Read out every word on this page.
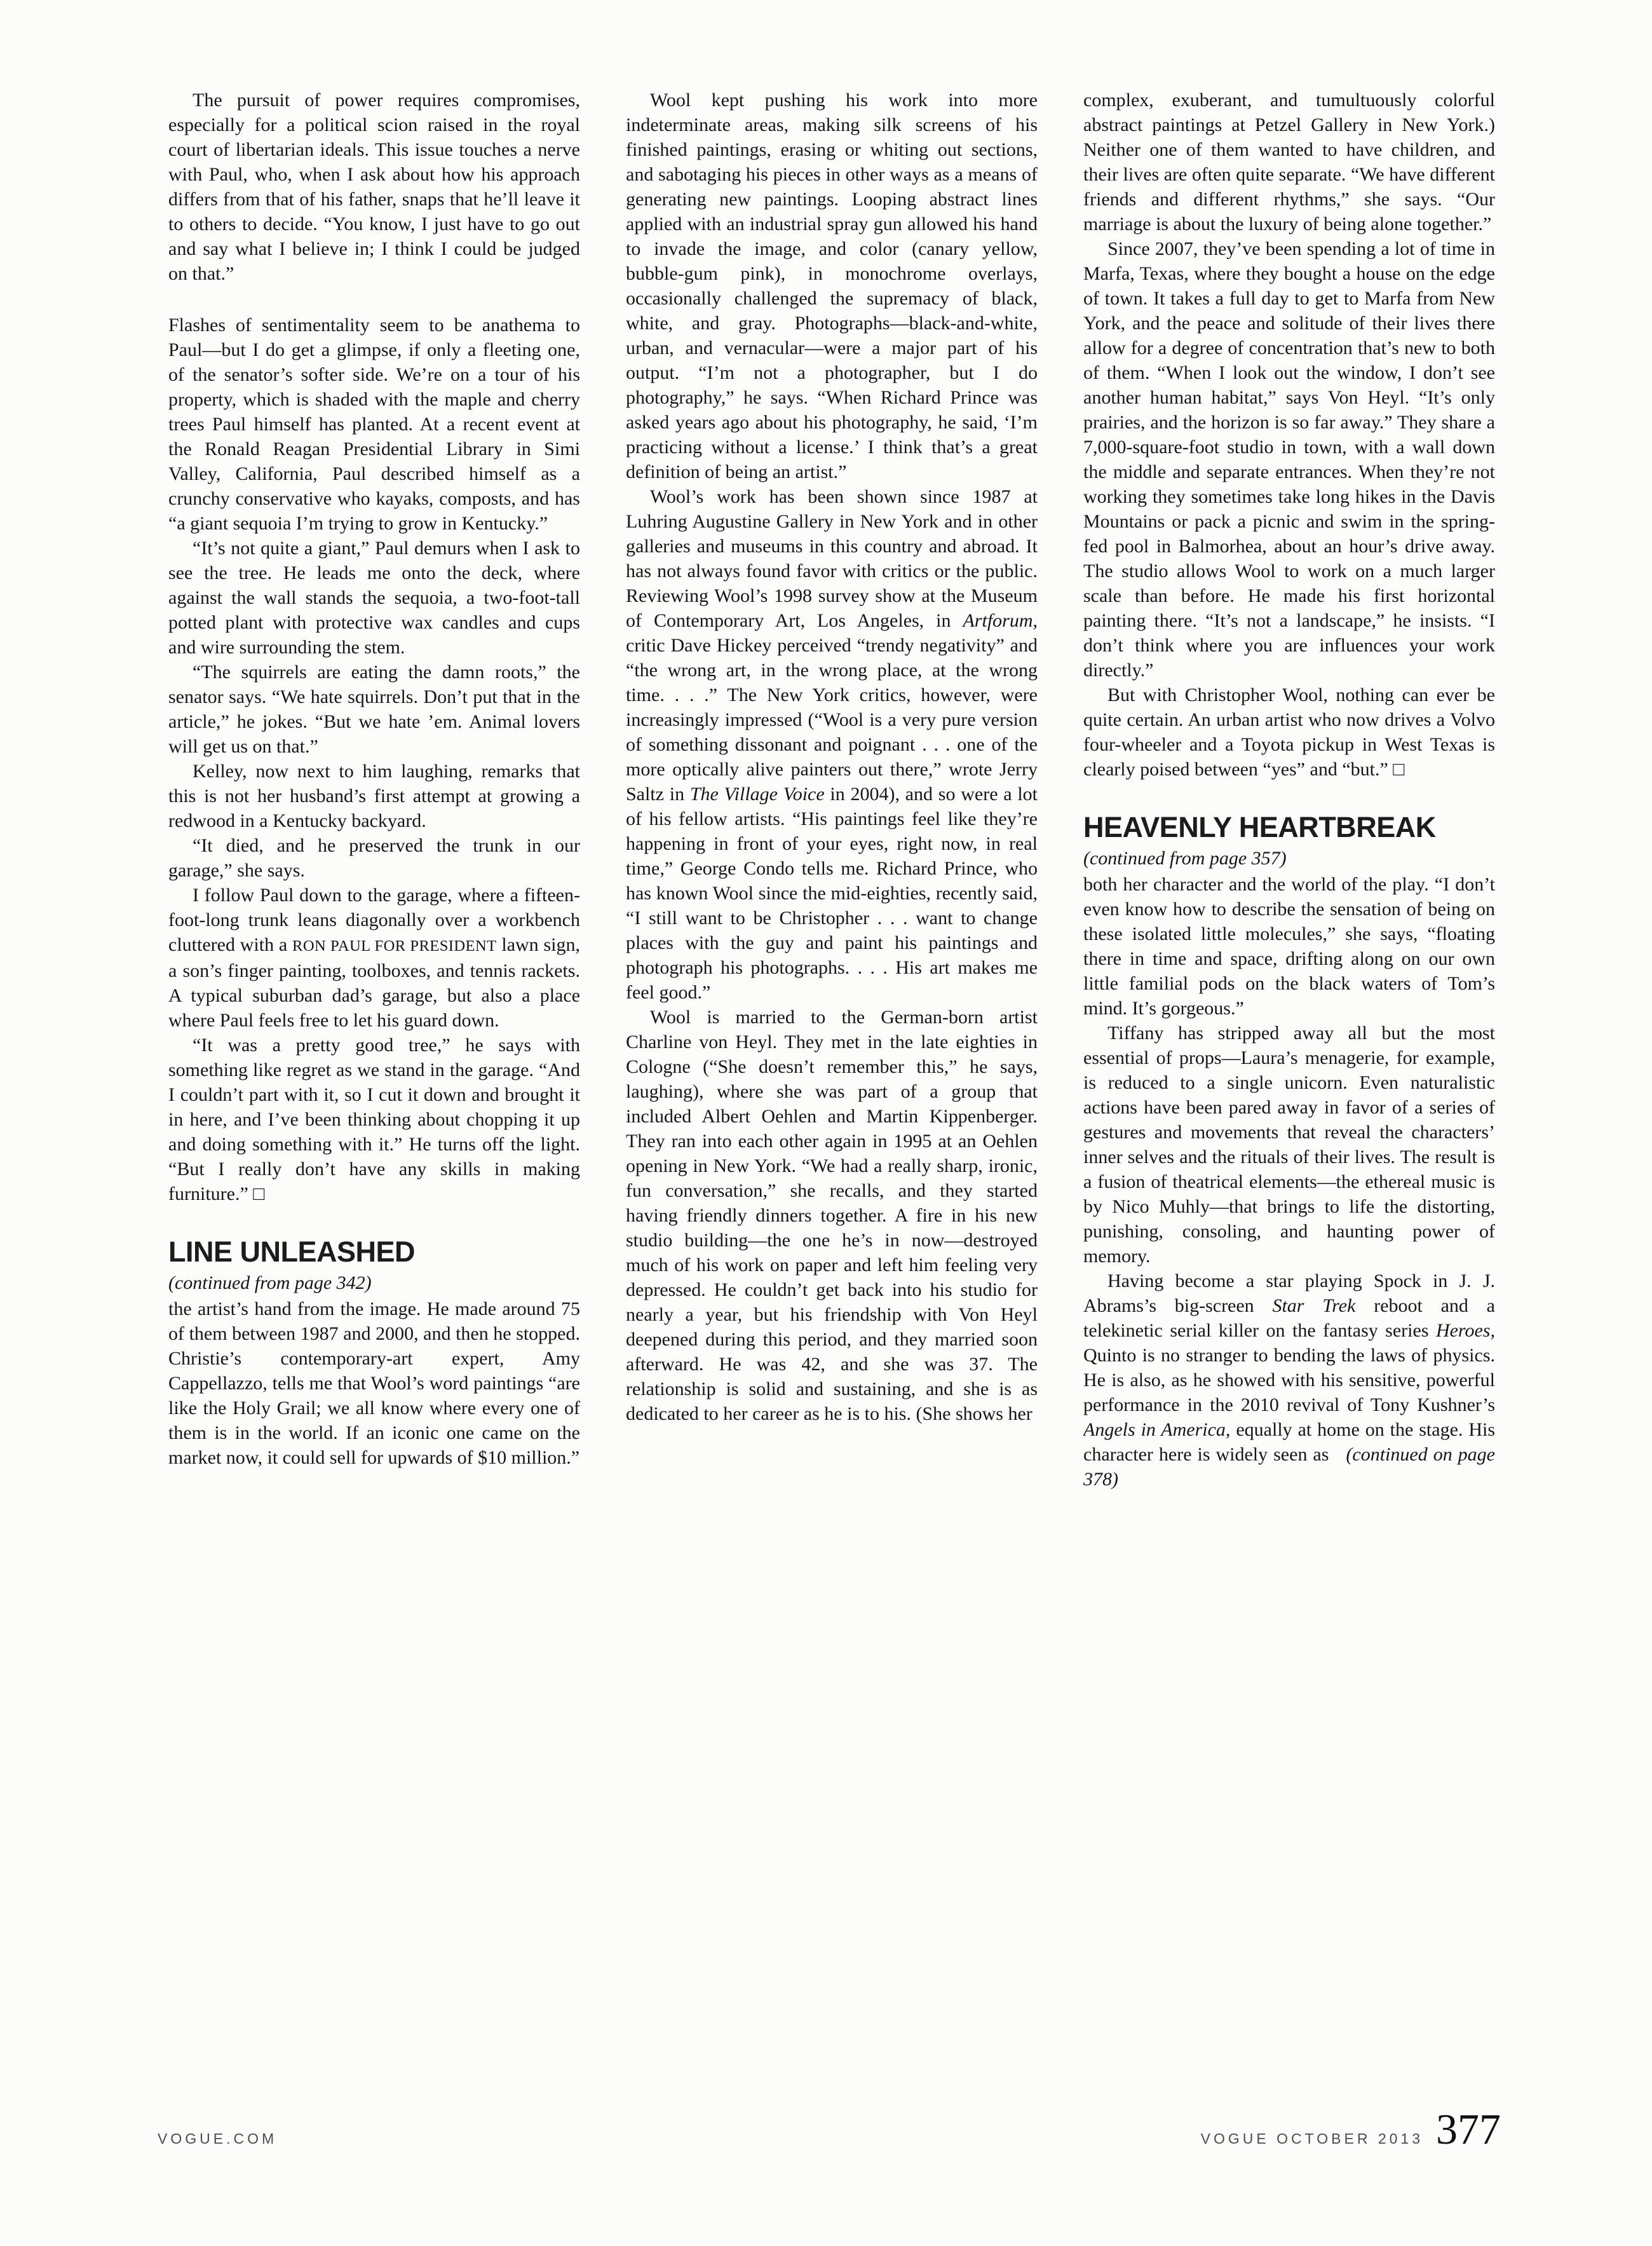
The pursuit of power requires compromises, especially for a political scion raised in the royal court of libertarian ideals. This issue touches a nerve with Paul, who, when I ask about how his approach differs from that of his father, snaps that he’ll leave it to others to decide. “You know, I just have to go out and say what I believe in; I think I could be judged on that.”

Flashes of sentimentality seem to be anathema to Paul—but I do get a glimpse, if only a fleeting one, of the senator’s softer side. We’re on a tour of his property, which is shaded with the maple and cherry trees Paul himself has planted. At a recent event at the Ronald Reagan Presidential Library in Simi Valley, California, Paul described himself as a crunchy conservative who kayaks, composts, and has “a giant sequoia I’m trying to grow in Kentucky.”

“It’s not quite a giant,” Paul demurs when I ask to see the tree. He leads me onto the deck, where against the wall stands the sequoia, a two-foot-tall potted plant with protective wax candles and cups and wire surrounding the stem.

“The squirrels are eating the damn roots,” the senator says. “We hate squirrels. Don’t put that in the article,” he jokes. “But we hate ’em. Animal lovers will get us on that.”

Kelley, now next to him laughing, remarks that this is not her husband’s first attempt at growing a redwood in a Kentucky backyard.

“It died, and he preserved the trunk in our garage,” she says.

I follow Paul down to the garage, where a fifteen-foot-long trunk leans diagonally over a workbench cluttered with a RON PAUL FOR PRESIDENT lawn sign, a son’s finger painting, toolboxes, and tennis rackets. A typical suburban dad’s garage, but also a place where Paul feels free to let his guard down.

“It was a pretty good tree,” he says with something like regret as we stand in the garage. “And I couldn’t part with it, so I cut it down and brought it in here, and I’ve been thinking about chopping it up and doing something with it.” He turns off the light. “But I really don’t have any skills in making furniture.” □

LINE UNLEASHED

(continued from page 342)

the artist’s hand from the image. He made around 75 of them between 1987 and 2000, and then he stopped. Christie’s contemporary-art expert, Amy Cappellazzo, tells me that Wool’s word paintings “are like the Holy Grail; we all know where every one of them is in the world. If an iconic one came on the market now, it could sell for upwards of $10 million.”

Wool kept pushing his work into more indeterminate areas, making silk screens of his finished paintings, erasing or whiting out sections, and sabotaging his pieces in other ways as a means of generating new paintings. Looping abstract lines applied with an industrial spray gun allowed his hand to invade the image, and color (canary yellow, bubble-gum pink), in monochrome overlays, occasionally challenged the supremacy of black, white, and gray. Photographs—black-and-white, urban, and vernacular—were a major part of his output. “I’m not a photographer, but I do photography,” he says. “When Richard Prince was asked years ago about his photography, he said, ‘I’m practicing without a license.’ I think that’s a great definition of being an artist.”

Wool’s work has been shown since 1987 at Luhring Augustine Gallery in New York and in other galleries and museums in this country and abroad. It has not always found favor with critics or the public. Reviewing Wool’s 1998 survey show at the Museum of Contemporary Art, Los Angeles, in Artforum, critic Dave Hickey perceived “trendy negativity” and “the wrong art, in the wrong place, at the wrong time. . . .” The New York critics, however, were increasingly impressed (“Wool is a very pure version of something dissonant and poignant . . . one of the more optically alive painters out there,” wrote Jerry Saltz in The Village Voice in 2004), and so were a lot of his fellow artists. “His paintings feel like they’re happening in front of your eyes, right now, in real time,” George Condo tells me. Richard Prince, who has known Wool since the mid-eighties, recently said, “I still want to be Christopher . . . want to change places with the guy and paint his paintings and photograph his photographs. . . . His art makes me feel good.”

Wool is married to the German-born artist Charline von Heyl. They met in the late eighties in Cologne (“She doesn’t remember this,” he says, laughing), where she was part of a group that included Albert Oehlen and Martin Kippenberger. They ran into each other again in 1995 at an Oehlen opening in New York. “We had a really sharp, ironic, fun conversation,” she recalls, and they started having friendly dinners together. A fire in his new studio building—the one he’s in now—destroyed much of his work on paper and left him feeling very depressed. He couldn’t get back into his studio for nearly a year, but his friendship with Von Heyl deepened during this period, and they married soon afterward. He was 42, and she was 37. The relationship is solid and sustaining, and she is as dedicated to her career as he is to his. (She shows her

complex, exuberant, and tumultuously colorful abstract paintings at Petzel Gallery in New York.) Neither one of them wanted to have children, and their lives are often quite separate. “We have different friends and different rhythms,” she says. “Our marriage is about the luxury of being alone together.”

Since 2007, they’ve been spending a lot of time in Marfa, Texas, where they bought a house on the edge of town. It takes a full day to get to Marfa from New York, and the peace and solitude of their lives there allow for a degree of concentration that’s new to both of them. “When I look out the window, I don’t see another human habitat,” says Von Heyl. “It’s only prairies, and the horizon is so far away.” They share a 7,000-square-foot studio in town, with a wall down the middle and separate entrances. When they’re not working they sometimes take long hikes in the Davis Mountains or pack a picnic and swim in the spring-fed pool in Balmorhea, about an hour’s drive away. The studio allows Wool to work on a much larger scale than before. He made his first horizontal painting there. “It’s not a landscape,” he insists. “I don’t think where you are influences your work directly.”

But with Christopher Wool, nothing can ever be quite certain. An urban artist who now drives a Volvo four-wheeler and a Toyota pickup in West Texas is clearly poised between “yes” and “but.” □

HEAVENLY HEARTBREAK

(continued from page 357)

both her character and the world of the play. “I don’t even know how to describe the sensation of being on these isolated little molecules,” she says, “floating there in time and space, drifting along on our own little familial pods on the black waters of Tom’s mind. It’s gorgeous.”

Tiffany has stripped away all but the most essential of props—Laura’s menagerie, for example, is reduced to a single unicorn. Even naturalistic actions have been pared away in favor of a series of gestures and movements that reveal the characters’ inner selves and the rituals of their lives. The result is a fusion of theatrical elements—the ethereal music is by Nico Muhly—that brings to life the distorting, punishing, consoling, and haunting power of memory.

Having become a star playing Spock in J. J. Abrams’s big-screen Star Trek reboot and a telekinetic serial killer on the fantasy series Heroes, Quinto is no stranger to bending the laws of physics. He is also, as he showed with his sensitive, powerful performance in the 2010 revival of Tony Kushner’s Angels in America, equally at home on the stage. His character here is widely seen as   (continued on page 378)

VOGUE.COM	VOGUE OCTOBER 2013 377
